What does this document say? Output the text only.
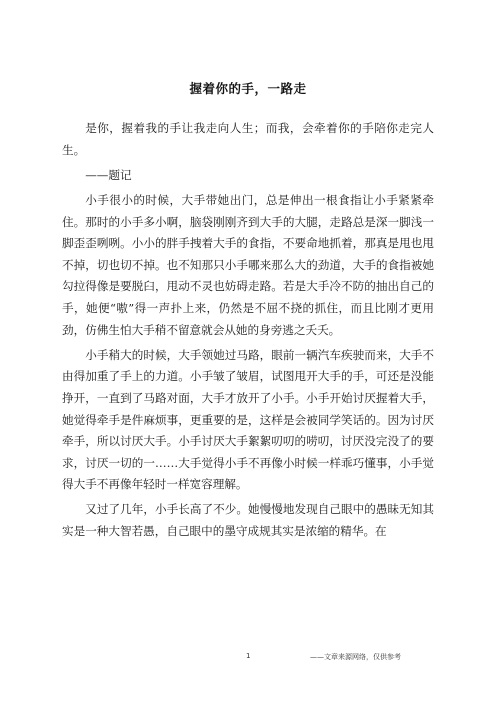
握着你的手，一路走

是你，握着我的手让我走向人生；而我，会牵着你的手陪你走完人生。

——题记

小手很小的时候，大手带她出门，总是伸出一根食指让小手紧紧牵住。那时的小手多小啊，脑袋刚刚齐到大手的大腿，走路总是深一脚浅一脚歪歪咧咧。小小的胖手拽着大手的食指，不要命地抓着，那真是甩也甩不掉，切也切不掉。也不知那只小手哪来那么大的劲道，大手的食指被她勾拉得像是要脱臼，甩动不灵也妨碍走路。若是大手冷不防的抽出自己的手，她便“嗷”得一声扑上来，仍然是不屈不挠的抓住，而且比刚才更用劲，仿佛生怕大手稍不留意就会从她的身旁逃之夭夭。

小手稍大的时候，大手领她过马路，眼前一辆汽车疾驶而来，大手不由得加重了手上的力道。小手皱了皱眉，试图甩开大手的手，可还是没能挣开，一直到了马路对面，大手才放开了小手。小手开始讨厌握着大手，她觉得牵手是件麻烦事，更重要的是，这样是会被同学笑话的。因为讨厌牵手，所以讨厌大手。小手讨厌大手絮絮叨叨的唠叨，讨厌没完没了的要求，讨厌一切的一……大手觉得小手不再像小时候一样乖巧懂事，小手觉得大手不再像年轻时一样宽容理解。

又过了几年，小手长高了不少。她慢慢地发现自己眼中的愚昧无知其实是一种大智若愚，自己眼中的墨守成规其实是浓缩的精华。在

1	——文章来源网络，仅供参考
